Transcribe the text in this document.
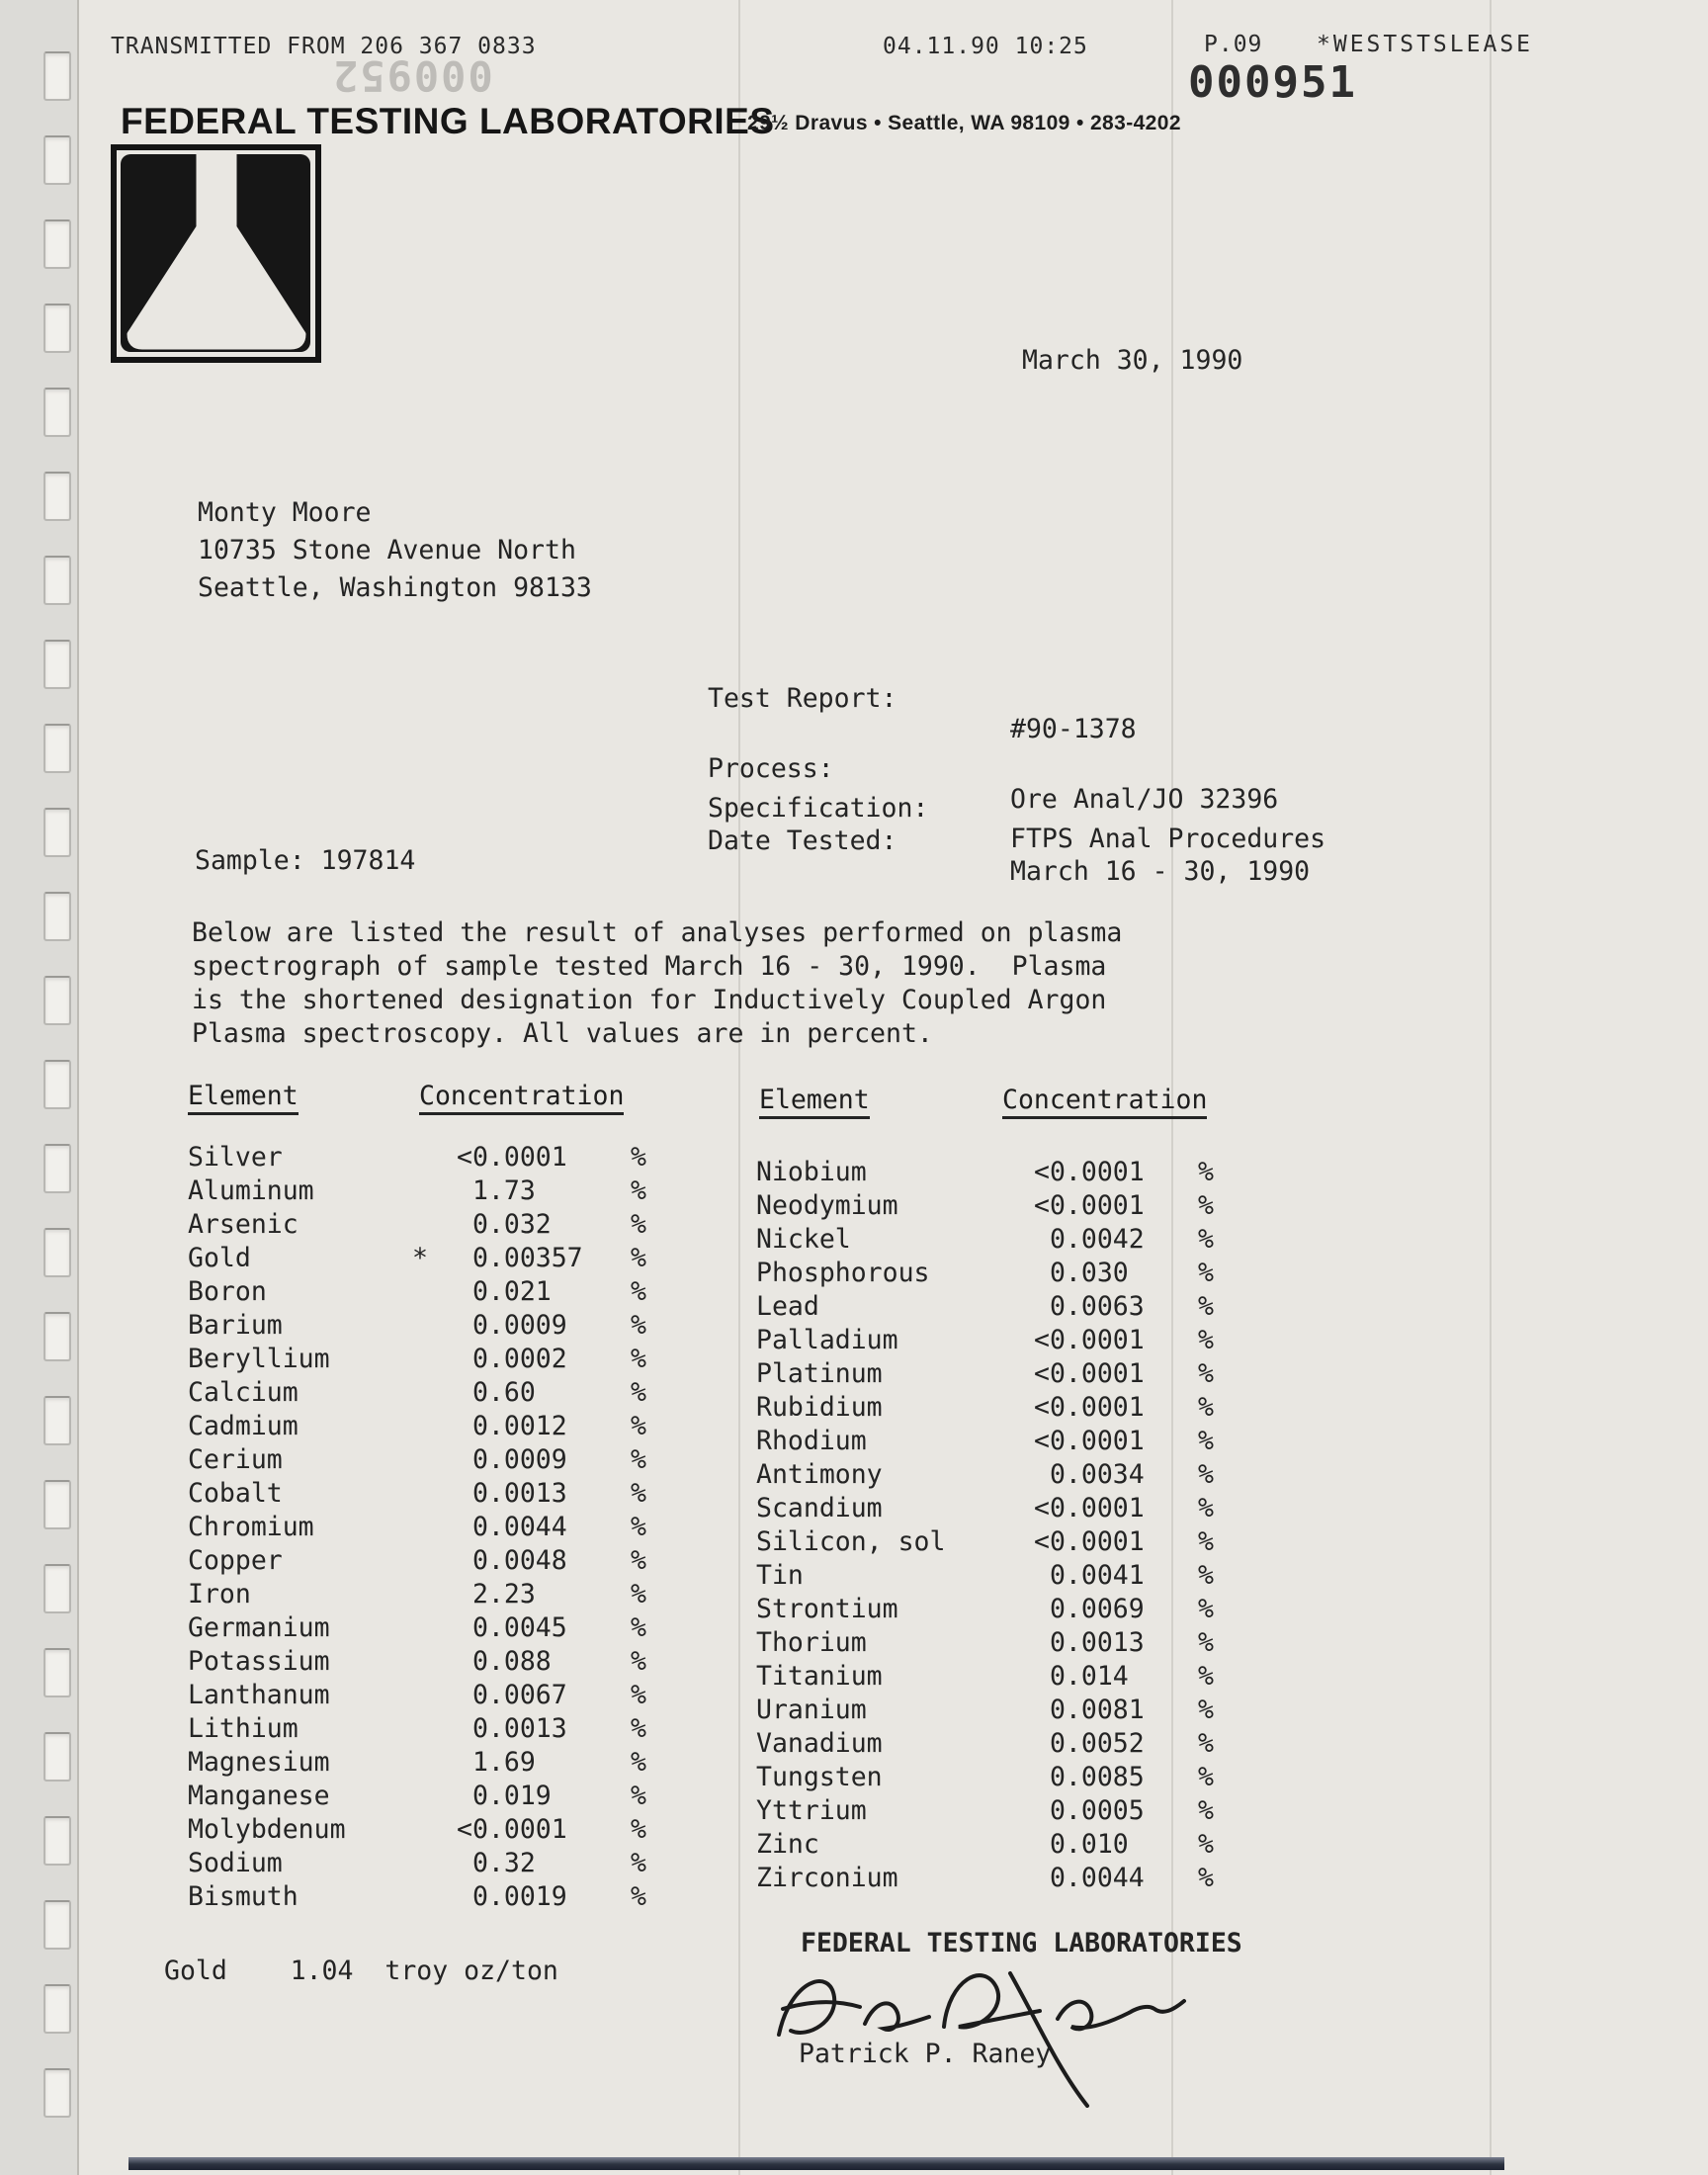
TRANSMITTED FROM 206 367 0833	04.11.90 10:25	P.09 *WESTSTSLEASE
000951
000952
FEDERAL TESTING LABORATORIES
29½ Dravus • Seattle, WA 98109 • 283-4202
March 30, 1990
Monty Moore
10735 Stone Avenue North
Seattle, Washington 98133

Test Report:

#90-1378

Process:

Ore Anal/JO 32396

Specification:

FTPS Anal Procedures

Date Tested:

March 16 - 30, 1990

Sample: 197814
Below are listed the result of analyses performed on plasma
spectrograph of sample tested March 16 - 30, 1990.  Plasma
is the shortened designation for Inductively Coupled Argon
Plasma spectroscopy. All values are in percent.
Element	Concentration	Element	Concentration
Silver	<0.0001 %
Aluminum	1.73	%
Arsenic	0.032	%
Gold	* 0.00357 %
Boron	0.021	%
Barium	0.0009 %
Beryllium	0.0002 %
Calcium	0.60	%
Cadmium	0.0012 %
Cerium	0.0009 %
Cobalt	0.0013 %
Chromium	0.0044 %
Copper	0.0048 %
Iron	2.23	%
Germanium	0.0045 %
Potassium	0.088	%
Lanthanum	0.0067 %
Lithium	0.0013 %
Magnesium	1.69	%
Manganese	0.019	%
Molybdenum	<0.0001 %
Sodium	0.32	%
Bismuth	0.0019 %
Niobium	<0.0001 %
Neodymium	<0.0001 %
Nickel	0.0042 %
Phosphorous	0.030	%
Lead	0.0063 %
Palladium	<0.0001 %
Platinum	<0.0001 %
Rubidium	<0.0001 %
Rhodium	<0.0001 %
Antimony	0.0034 %
Scandium	<0.0001 %
Silicon, sol	<0.0001 %
Tin	0.0041 %
Strontium	0.0069 %
Thorium	0.0013 %
Titanium	0.014	%
Uranium	0.0081 %
Vanadium	0.0052 %
Tungsten	0.0085 %
Yttrium	0.0005 %
Zinc	0.010	%
Zirconium	0.0044 %
Gold    1.04  troy oz/ton
FEDERAL TESTING LABORATORIES
Patrick P. Raney
